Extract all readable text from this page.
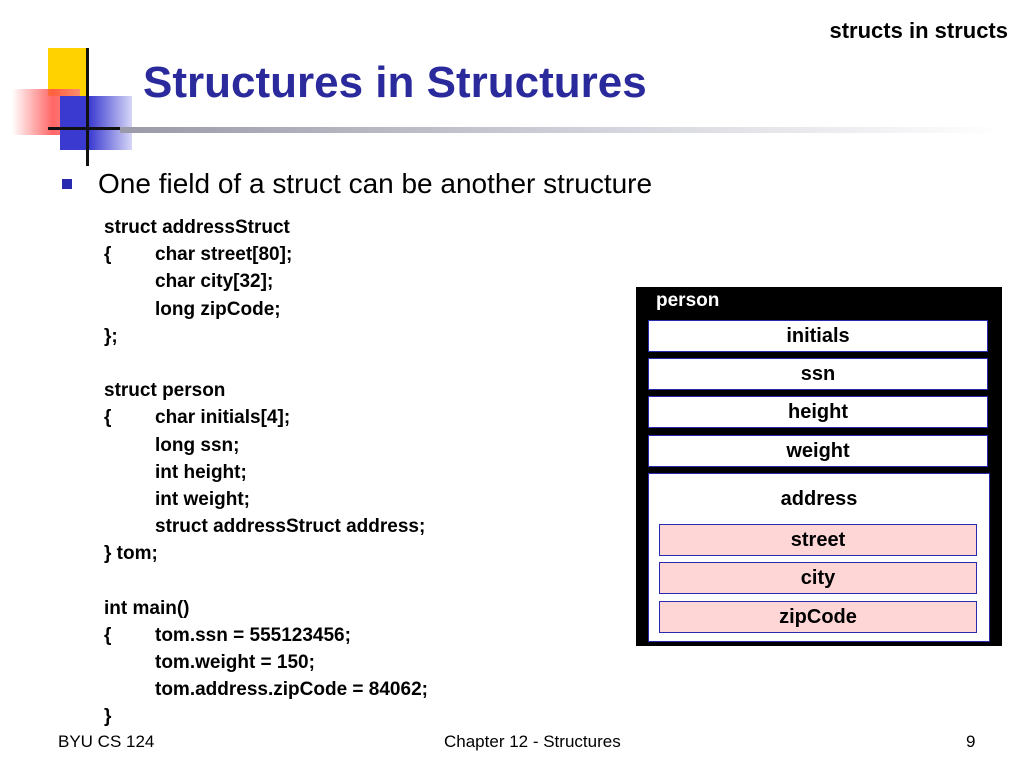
structs in structs
Structures in Structures
One field of a struct can be another structure
struct addressStruct
{ char street[80];
char city[32];
long zipCode;
};
struct person
{ char initials[4];
long ssn;
int height;
int weight;
struct addressStruct address;
} tom;
int main()
{ tom.ssn = 555123456;
tom.weight = 150;
tom.address.zipCode = 84062;
}
person
initials
ssn
height
weight
address
street
city
zipCode
BYU CS 124	Chapter 12 - Structures	9
